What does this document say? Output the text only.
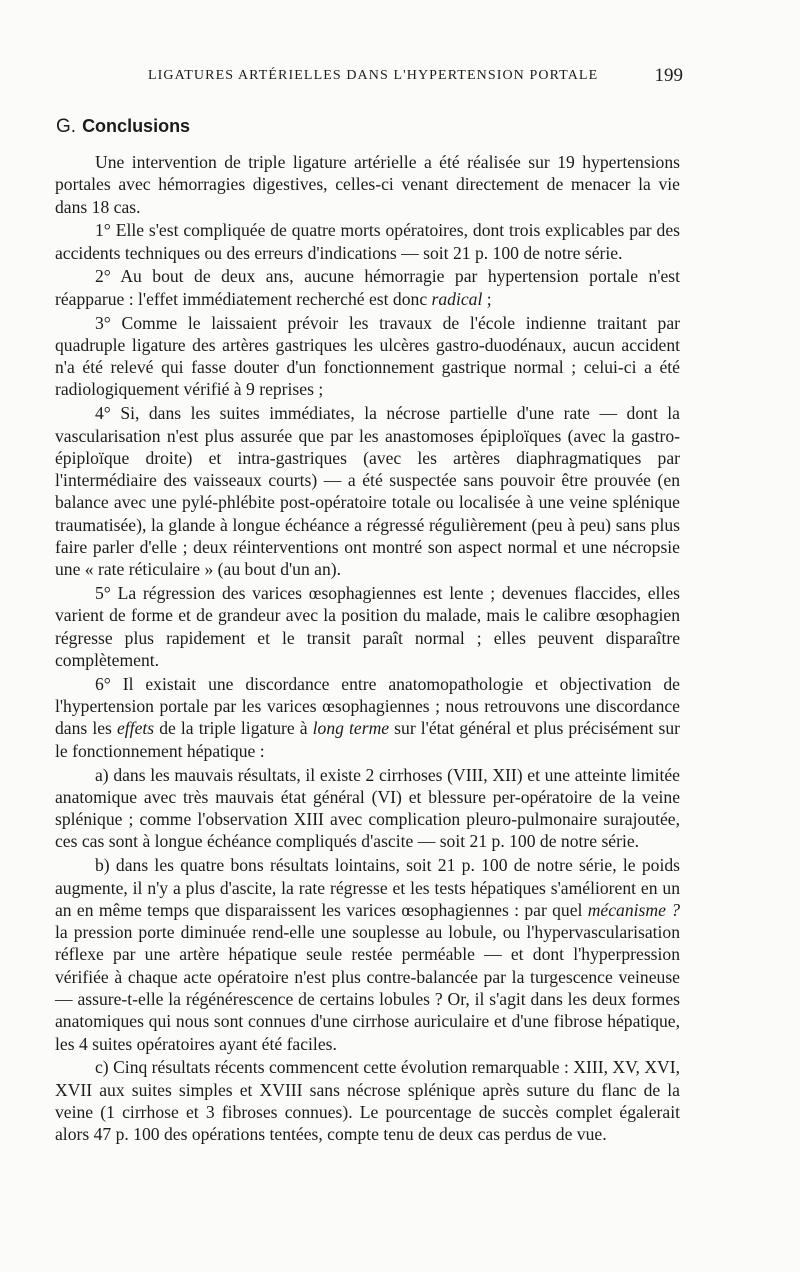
LIGATURES ARTÉRIELLES DANS L'HYPERTENSION PORTALE	199
G. Conclusions

Une intervention de triple ligature artérielle a été réalisée sur 19 hypertensions portales avec hémorragies digestives, celles-ci venant directement de menacer la vie dans 18 cas.

1° Elle s'est compliquée de quatre morts opératoires, dont trois explicables par des accidents techniques ou des erreurs d'indications — soit 21 p. 100 de notre série.

2° Au bout de deux ans, aucune hémorragie par hypertension portale n'est réapparue : l'effet immédiatement recherché est donc radical ;

3° Comme le laissaient prévoir les travaux de l'école indienne traitant par quadruple ligature des artères gastriques les ulcères gastro-duodénaux, aucun accident n'a été relevé qui fasse douter d'un fonctionnement gastrique normal ; celui-ci a été radiologiquement vérifié à 9 reprises ;

4° Si, dans les suites immédiates, la nécrose partielle d'une rate — dont la vascularisation n'est plus assurée que par les anastomoses épiploïques (avec la gastro-épiploïque droite) et intra-gastriques (avec les artères diaphragmatiques par l'intermédiaire des vaisseaux courts) — a été suspectée sans pouvoir être prouvée (en balance avec une pylé-phlébite post-opératoire totale ou localisée à une veine splénique traumatisée), la glande à longue échéance a régressé régulièrement (peu à peu) sans plus faire parler d'elle ; deux réinterventions ont montré son aspect normal et une nécropsie une « rate réticulaire » (au bout d'un an).

5° La régression des varices œsophagiennes est lente ; devenues flaccides, elles varient de forme et de grandeur avec la position du malade, mais le calibre œsophagien régresse plus rapidement et le transit paraît normal ; elles peuvent disparaître complètement.

6° Il existait une discordance entre anatomopathologie et objectivation de l'hypertension portale par les varices œsophagiennes ; nous retrouvons une discordance dans les effets de la triple ligature à long terme sur l'état général et plus précisément sur le fonctionnement hépatique :

a) dans les mauvais résultats, il existe 2 cirrhoses (VIII, XII) et une atteinte limitée anatomique avec très mauvais état général (VI) et blessure per-opératoire de la veine splénique ; comme l'observation XIII avec complication pleuro-pulmonaire surajoutée, ces cas sont à longue échéance compliqués d'ascite — soit 21 p. 100 de notre série.

b) dans les quatre bons résultats lointains, soit 21 p. 100 de notre série, le poids augmente, il n'y a plus d'ascite, la rate régresse et les tests hépatiques s'améliorent en un an en même temps que disparaissent les varices œsophagiennes : par quel mécanisme ? la pression porte diminuée rend-elle une souplesse au lobule, ou l'hypervascularisation réflexe par une artère hépatique seule restée perméable — et dont l'hyperpression vérifiée à chaque acte opératoire n'est plus contre-balancée par la turgescence veineuse — assure-t-elle la régénérescence de certains lobules ? Or, il s'agit dans les deux formes anatomiques qui nous sont connues d'une cirrhose auriculaire et d'une fibrose hépatique, les 4 suites opératoires ayant été faciles.

c) Cinq résultats récents commencent cette évolution remarquable : XIII, XV, XVI, XVII aux suites simples et XVIII sans nécrose splénique après suture du flanc de la veine (1 cirrhose et 3 fibroses connues). Le pourcentage de succès complet égalerait alors 47 p. 100 des opérations tentées, compte tenu de deux cas perdus de vue.
